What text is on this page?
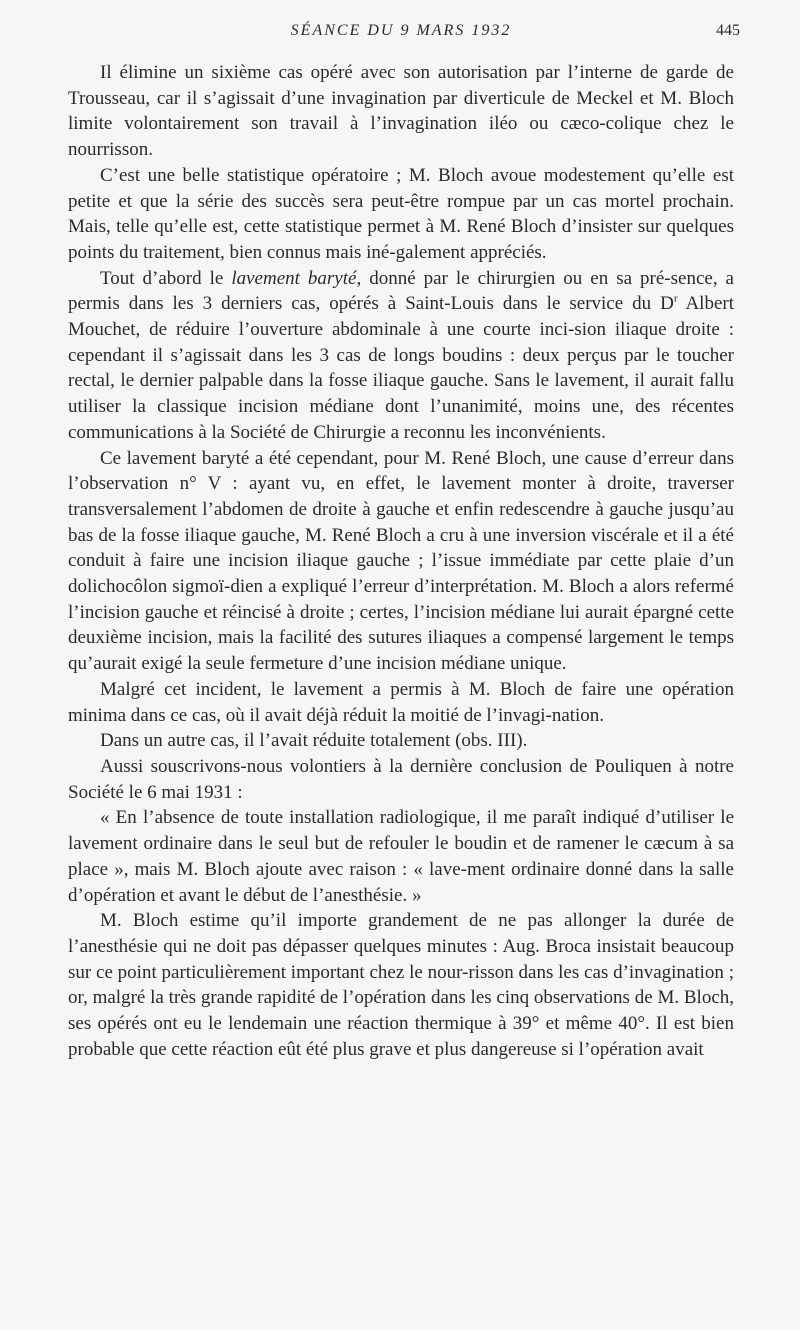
SÉANCE DU 9 MARS 1932	445

Il élimine un sixième cas opéré avec son autorisation par l’interne de garde de Trousseau, car il s’agissait d’une invagination par diverticule de Meckel et M. Bloch limite volontairement son travail à l’invagination iléo ou cæco-colique chez le nourrisson.

C’est une belle statistique opératoire ; M. Bloch avoue modestement qu’elle est petite et que la série des succès sera peut-être rompue par un cas mortel prochain. Mais, telle qu’elle est, cette statistique permet à M. René Bloch d’insister sur quelques points du traitement, bien connus mais iné-galement appréciés.

Tout d’abord le lavement baryté, donné par le chirurgien ou en sa pré-sence, a permis dans les 3 derniers cas, opérés à Saint-Louis dans le service du $D^r$ Albert Mouchet, de réduire l’ouverture abdominale à une courte inci-sion iliaque droite : cependant il s’agissait dans les 3 cas de longs boudins : deux perçus par le toucher rectal, le dernier palpable dans la fosse iliaque gauche. Sans le lavement, il aurait fallu utiliser la classique incision médiane dont l’unanimité, moins une, des récentes communications à la Société de Chirurgie a reconnu les inconvénients.

Ce lavement baryté a été cependant, pour M. René Bloch, une cause d’erreur dans l’observation n° V : ayant vu, en effet, le lavement monter à droite, traverser transversalement l’abdomen de droite à gauche et enfin redescendre à gauche jusqu’au bas de la fosse iliaque gauche, M. René Bloch a cru à une inversion viscérale et il a été conduit à faire une incision iliaque gauche ; l’issue immédiate par cette plaie d’un dolichocôlon sigmoï-dien a expliqué l’erreur d’interprétation. M. Bloch a alors refermé l’incision gauche et réincisé à droite ; certes, l’incision médiane lui aurait épargné cette deuxième incision, mais la facilité des sutures iliaques a compensé largement le temps qu’aurait exigé la seule fermeture d’une incision médiane unique.

Malgré cet incident, le lavement a permis à M. Bloch de faire une opération minima dans ce cas, où il avait déjà réduit la moitié de l’invagi-nation.

Dans un autre cas, il l’avait réduite totalement (obs. III).

Aussi souscrivons-nous volontiers à la dernière conclusion de Pouliquen à notre Société le 6 mai 1931 :

« En l’absence de toute installation radiologique, il me paraît indiqué d’utiliser le lavement ordinaire dans le seul but de refouler le boudin et de ramener le cæcum à sa place », mais M. Bloch ajoute avec raison : « lave-ment ordinaire donné dans la salle d’opération et avant le début de l’anesthésie. »

M. Bloch estime qu’il importe grandement de ne pas allonger la durée de l’anesthésie qui ne doit pas dépasser quelques minutes : Aug. Broca insistait beaucoup sur ce point particulièrement important chez le nour-risson dans les cas d’invagination ; or, malgré la très grande rapidité de l’opération dans les cinq observations de M. Bloch, ses opérés ont eu le lendemain une réaction thermique à 39° et même 40°. Il est bien probable que cette réaction eût été plus grave et plus dangereuse si l’opération avait
